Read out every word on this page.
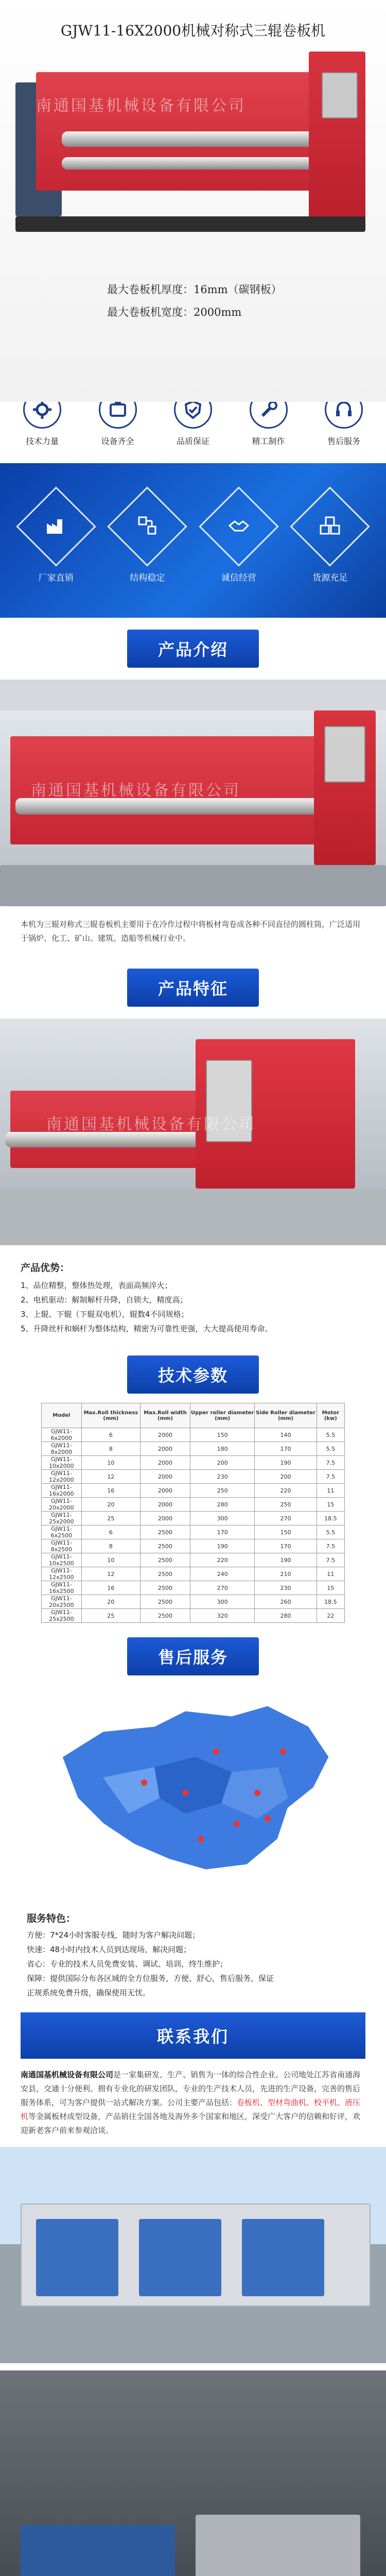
GJW11-16X2000机械对称式三辊卷板机
南通国基机械设备有限公司
最大卷板机厚度：16mm（碳钢板）
最大卷板机宽度：2000mm
技术力量	设备齐全	品质保证	精工制作	售后服务
厂家直销	结构稳定	诚信经营	货源充足
产品介绍
南通国基机械设备有限公司
本机为三辊对称式三辊卷板机主要用于在冷作过程中将板材弯卷成各种不同直径的圆柱筒，广泛适用于锅炉、化工、矿山、建筑、造船等机械行业中。
产品特征
南通国基机械设备有限公司
产品优势：
1、品位精整，整体热处理，表面高频淬火；
2、电机驱动：解制解杆升降，自锁大，精度高；
3、上辊、下辊（下辊双电机），辊数4不同规格；
5、升降丝杆和蜗杆为整体结构，精密为可靠性更强，大大提高使用寿命。
技术参数
Model	Max.Roll thickness (mm)	Max.Roll width (mm)	Upper roller diameter (mm)	Side Roller diameter (mm)	Motor (kw)
GJW11-6x2000	6	2000	150	140	5.5
GJW11-8x2000	8	2000	180	170	5.5
GJW11-10x2000	10	2000	200	190	7.5
GJW11-12x2000	12	2000	230	200	7.5
GJW11-16x2000	16	2000	250	220	11
GJW11-20x2000	20	2000	280	250	15
GJW11-25x2000	25	2000	300	270	18.5
GJW11-6x2500	6	2500	170	150	5.5
GJW11-8x2500	8	2500	190	170	7.5
GJW11-10x2500	10	2500	220	190	7.5
GJW11-12x2500	12	2500	240	210	11
GJW11-16x2500	16	2500	270	230	15
GJW11-20x2500	20	2500	300	260	18.5
GJW11-25x2500	25	2500	320	280	22
售后服务
服务特色：
方便：7*24小时客服专线，随时为客户解决问题；
快速：48小时内技术人员到达现场，解决问题；
省心：专业的技术人员免费安装、调试、培训，终生维护；
保障：提供国际分布各区域的全方位服务，方便、舒心，售后服务，保证
正规系统免费升级，确保使用无忧。
联系我们
南通国基机械设备有限公司是一家集研发、生产、销售为一体的综合性企业。公司地处江苏省南通海安县，交通十分便利。拥有专业化的研发团队，专业的生产技术人员，先进的生产设备，完善的售后服务体系，可为客户提供一站式解决方案。公司主要产品包括：卷板机、型材弯曲机、校平机、液压机等金属板材成型设备，产品销往全国各地及海外多个国家和地区，深受广大客户的信赖和好评，欢迎新老客户前来参观洽谈。
